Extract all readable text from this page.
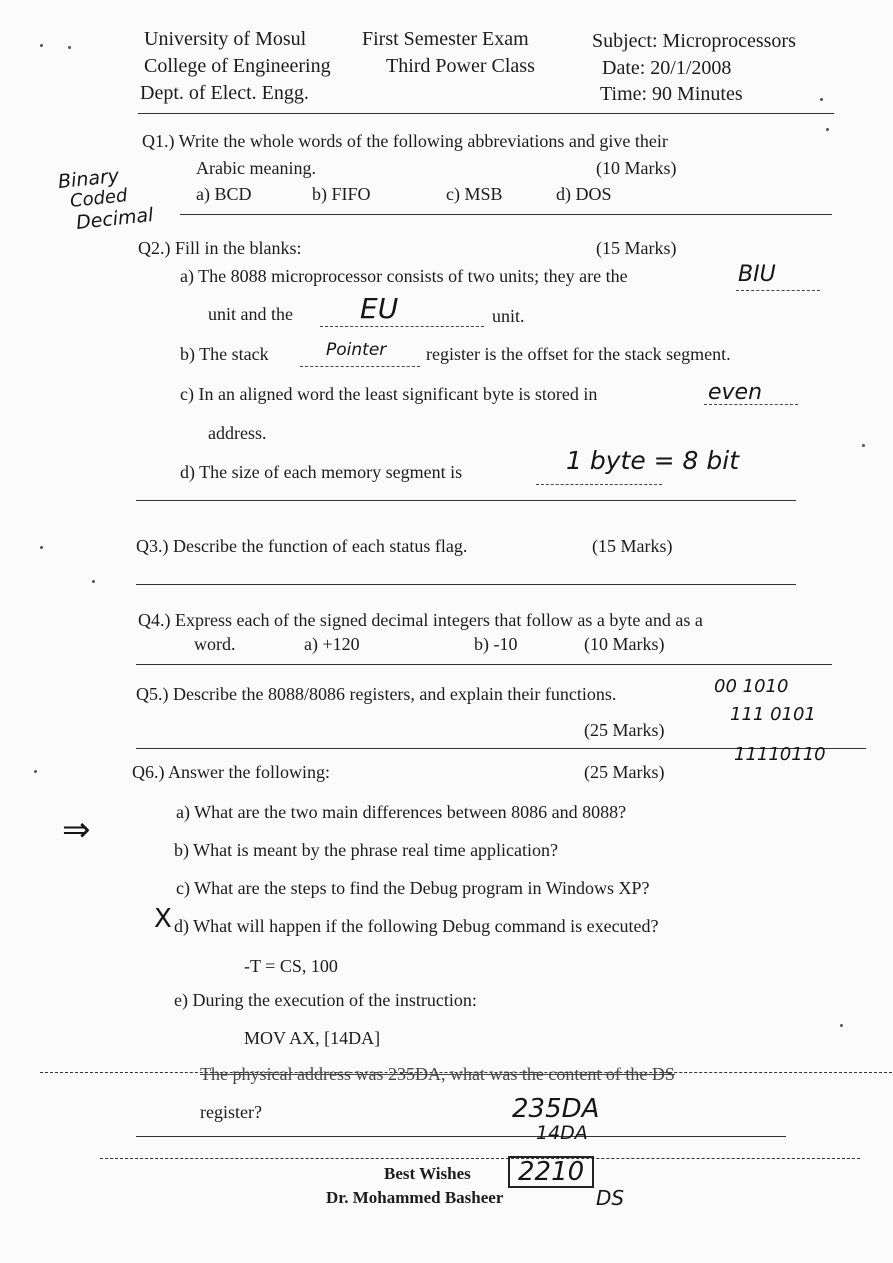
University of Mosul	First Semester Exam	Subject: Microprocessors
College of Engineering	Third Power Class	Date: 20/1/2008
Dept. of Elect. Engg.	Time: 90 Minutes
Q1.) Write the whole words of the following abbreviations and give their
Arabic meaning.	(10 Marks)
a) BCD	b) FIFO	c) MSB	d) DOS
Binary
Coded
Decimal
Q2.) Fill in the blanks:	(15 Marks)
a) The 8088 microprocessor consists of two units; they are the	BIU
unit and the EU	unit.
b) The stack	Pointer register is the offset for the stack segment.
c) In an aligned word the least significant byte is stored in	even
address.
d) The size of each memory segment is	1 byte = 8 bit
Q3.) Describe the function of each status flag.	(15 Marks)
Q4.) Express each of the signed decimal integers that follow as a byte and as a
word.	a) +120	b) -10	(10 Marks)
Q5.) Describe the 8088/8086 registers, and explain their functions.	00 1010
111 0101
(25 Marks)
11110110
Q6.) Answer the following:	(25 Marks)
a) What are the two main differences between 8086 and 8088?
⇒	b) What is meant by the phrase real time application?
c) What are the steps to find the Debug program in Windows XP?
d) What will happen if the following Debug command is executed?
X
-T = CS, 100
e) During the execution of the instruction:
MOV AX, [14DA]
The physical address was 235DA, what was the content of the DS
register?	235DA
14DA
Best Wishes	2210
Dr. Mohammed Basheer	DS
